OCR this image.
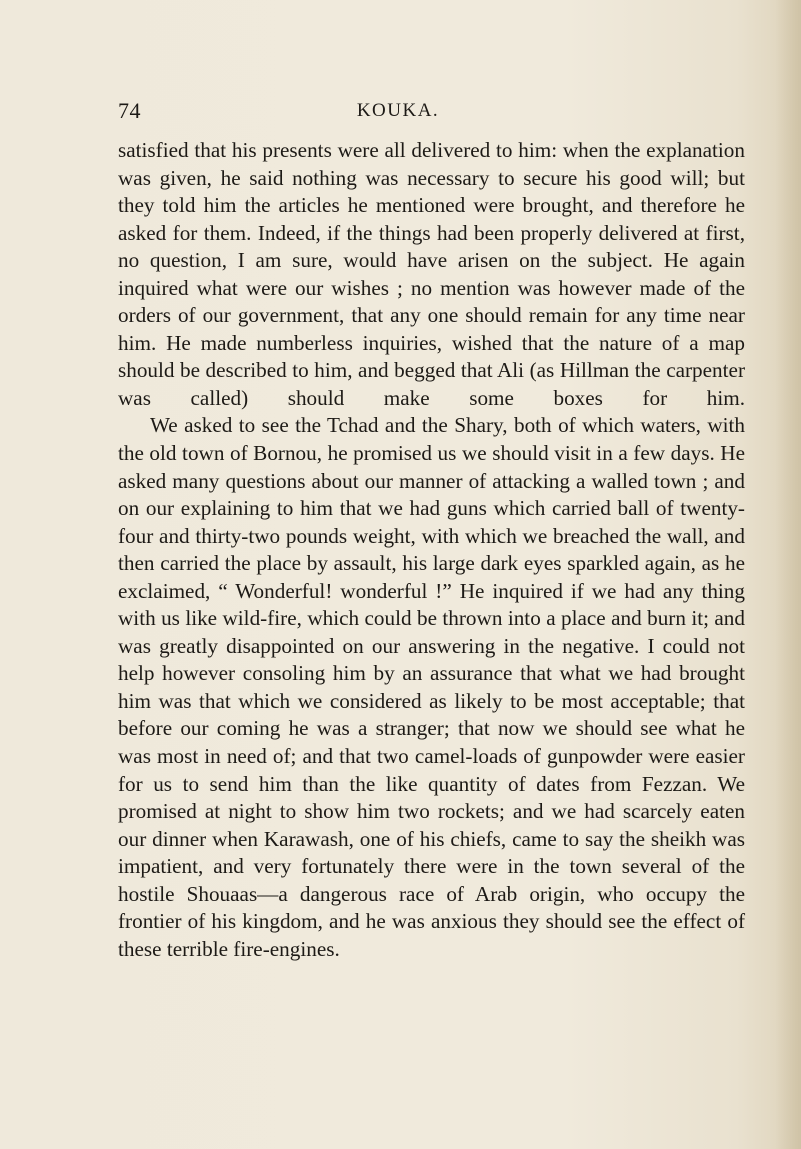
74	KOUKA.

satisfied that his presents were all delivered to him: when the explanation was given, he said nothing was necessary to secure his good will; but they told him the articles he mentioned were brought, and therefore he asked for them. Indeed, if the things had been properly delivered at first, no question, I am sure, would have arisen on the subject. He again inquired what were our wishes ; no mention was however made of the orders of our government, that any one should remain for any time near him. He made numberless inquiries, wished that the nature of a map should be described to him, and begged that Ali (as Hillman the carpenter was called) should make some boxes for him.

We asked to see the Tchad and the Shary, both of which waters, with the old town of Bornou, he promised us we should visit in a few days. He asked many questions about our manner of attacking a walled town ; and on our explaining to him that we had guns which carried ball of twenty-four and thirty-two pounds weight, with which we breached the wall, and then carried the place by assault, his large dark eyes sparkled again, as he exclaimed, “ Wonderful! wonderful !” He inquired if we had any thing with us like wild-fire, which could be thrown into a place and burn it; and was greatly disappointed on our answering in the negative. I could not help however consoling him by an assurance that what we had brought him was that which we considered as likely to be most acceptable; that before our coming he was a stranger; that now we should see what he was most in need of; and that two camel-loads of gunpowder were easier for us to send him than the like quantity of dates from Fezzan. We promised at night to show him two rockets; and we had scarcely eaten our dinner when Karawash, one of his chiefs, came to say the sheikh was impatient, and very fortunately there were in the town several of the hostile Shouaas—a dangerous race of Arab origin, who occupy the frontier of his kingdom, and he was anxious they should see the effect of these terrible fire-engines.
